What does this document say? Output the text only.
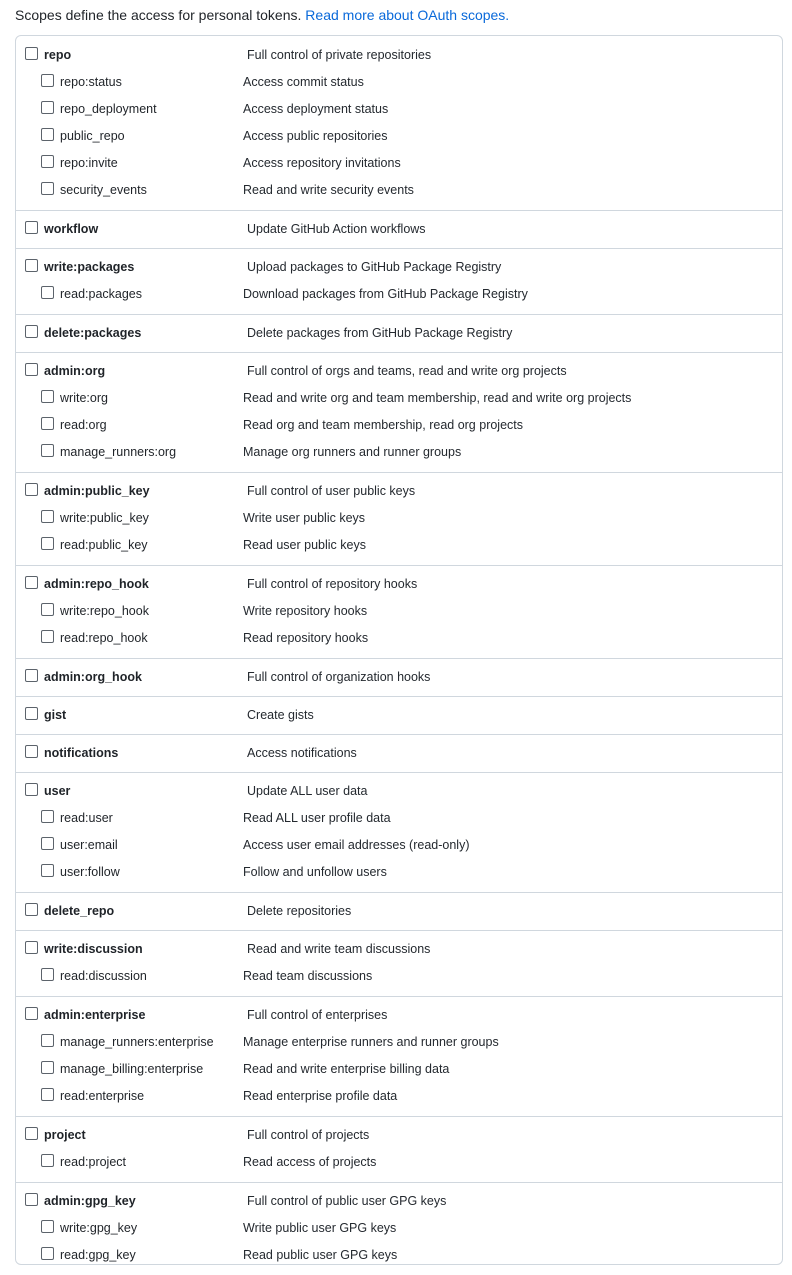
Scopes define the access for personal tokens. Read more about OAuth scopes.
repo	Full control of private repositories
repo:status	Access commit status
repo_deployment	Access deployment status
public_repo	Access public repositories
repo:invite	Access repository invitations
security_events	Read and write security events
workflow	Update GitHub Action workflows
write:packages	Upload packages to GitHub Package Registry
read:packages	Download packages from GitHub Package Registry
delete:packages	Delete packages from GitHub Package Registry
admin:org	Full control of orgs and teams, read and write org projects
write:org	Read and write org and team membership, read and write org projects
read:org	Read org and team membership, read org projects
manage_runners:org	Manage org runners and runner groups
admin:public_key	Full control of user public keys
write:public_key	Write user public keys
read:public_key	Read user public keys
admin:repo_hook	Full control of repository hooks
write:repo_hook	Write repository hooks
read:repo_hook	Read repository hooks
admin:org_hook	Full control of organization hooks
gist	Create gists
notifications	Access notifications
user	Update ALL user data
read:user	Read ALL user profile data
user:email	Access user email addresses (read-only)
user:follow	Follow and unfollow users
delete_repo	Delete repositories
write:discussion	Read and write team discussions
read:discussion	Read team discussions
admin:enterprise	Full control of enterprises
manage_runners:enterprise Manage enterprise runners and runner groups
manage_billing:enterprise	Read and write enterprise billing data
read:enterprise	Read enterprise profile data
project	Full control of projects
read:project	Read access of projects
admin:gpg_key	Full control of public user GPG keys
write:gpg_key	Write public user GPG keys
read:gpg_key	Read public user GPG keys
